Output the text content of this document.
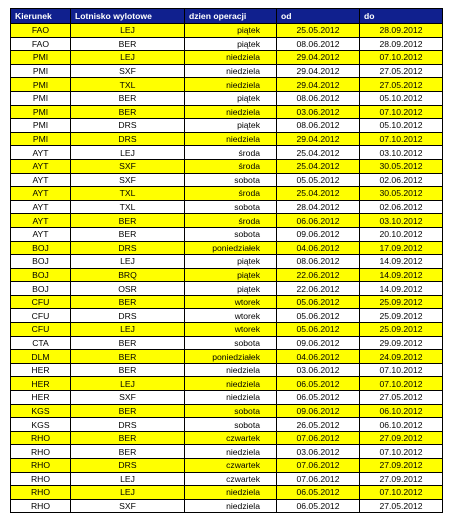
Kierunek	Lotnisko wylotowe	dzien operacji	od	do
FAO	LEJ	piątek	25.05.2012	28.09.2012
FAO	BER	piątek	08.06.2012	28.09.2012
PMI	LEJ	niedziela	29.04.2012	07.10.2012
PMI	SXF	niedziela	29.04.2012	27.05.2012
PMI	TXL	niedziela	29.04.2012	27.05.2012
PMI	BER	piątek	08.06.2012	05.10.2012
PMI	BER	niedziela	03.06.2012	07.10.2012
PMI	DRS	piątek	08.06.2012	05.10.2012
PMI	DRS	niedziela	29.04.2012	07.10.2012
AYT	LEJ	środa	25.04.2012	03.10.2012
AYT	SXF	środa	25.04.2012	30.05.2012
AYT	SXF	sobota	05.05.2012	02.06.2012
AYT	TXL	środa	25.04.2012	30.05.2012
AYT	TXL	sobota	28.04.2012	02.06.2012
AYT	BER	środa	06.06.2012	03.10.2012
AYT	BER	sobota	09.06.2012	20.10.2012
BOJ	DRS	poniedziałek	04.06.2012	17.09.2012
BOJ	LEJ	piątek	08.06.2012	14.09.2012
BOJ	BRQ	piątek	22.06.2012	14.09.2012
BOJ	OSR	piątek	22.06.2012	14.09.2012
CFU	BER	wtorek	05.06.2012	25.09.2012
CFU	DRS	wtorek	05.06.2012	25.09.2012
CFU	LEJ	wtorek	05.06.2012	25.09.2012
CTA	BER	sobota	09.06.2012	29.09.2012
DLM	BER	poniedziałek	04.06.2012	24.09.2012
HER	BER	niedziela	03.06.2012	07.10.2012
HER	LEJ	niedziela	06.05.2012	07.10.2012
HER	SXF	niedziela	06.05.2012	27.05.2012
KGS	BER	sobota	09.06.2012	06.10.2012
KGS	DRS	sobota	26.05.2012	06.10.2012
RHO	BER	czwartek	07.06.2012	27.09.2012
RHO	BER	niedziela	03.06.2012	07.10.2012
RHO	DRS	czwartek	07.06.2012	27.09.2012
RHO	LEJ	czwartek	07.06.2012	27.09.2012
RHO	LEJ	niedziela	06.05.2012	07.10.2012
RHO	SXF	niedziela	06.05.2012	27.05.2012
